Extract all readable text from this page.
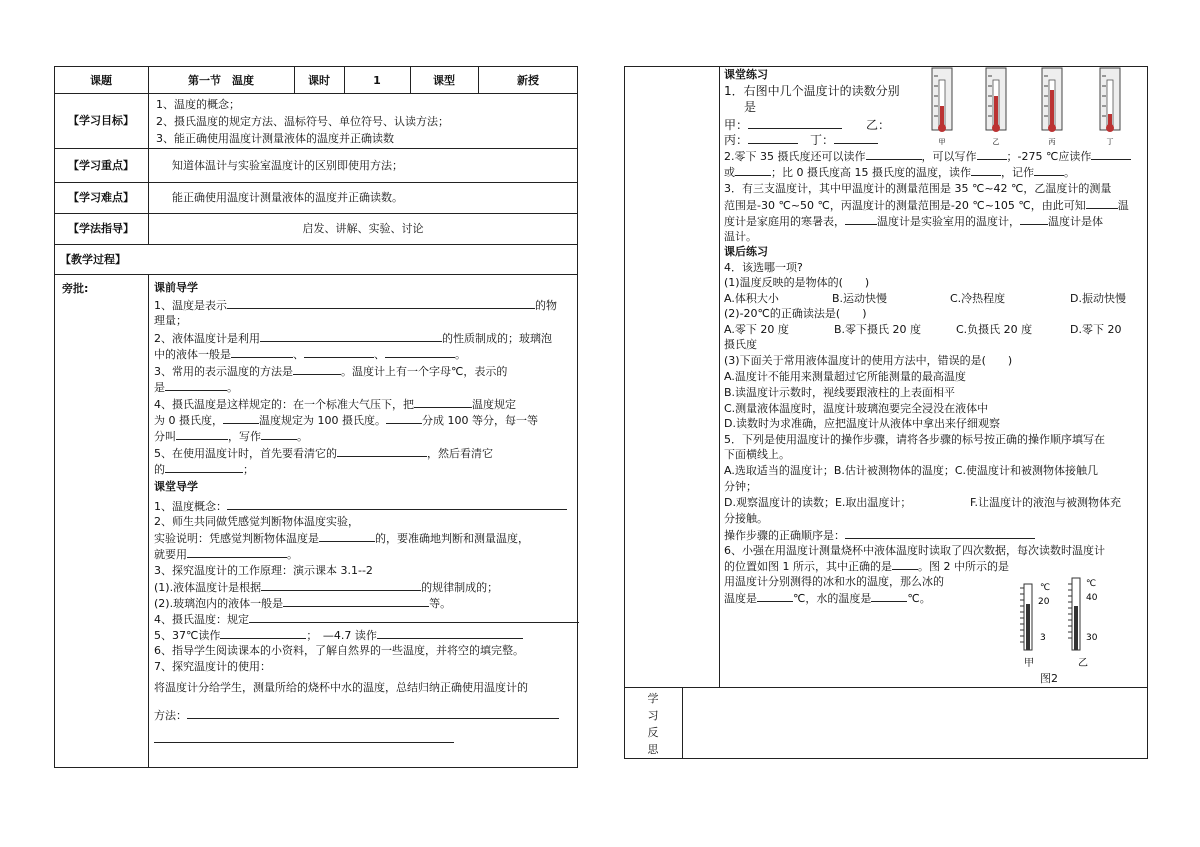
课题	第一节　温度	课时	1	课型	新授
【学习目标】
1、温度的概念；
2、摄氏温度的规定方法、温标符号、单位符号、认读方法；
3、能正确使用温度计测量液体的温度并正确读数
【学习重点】	知道体温计与实验室温度计的区别即使用方法；
【学习难点】	能正确使用温度计测量液体的温度并正确读数。
【学法指导】	启发、讲解、实验、讨论
【教学过程】
旁批:	课前导学
1、温度是表示	的物
理量；
2、液体温度计是利用	的性质制成的；玻璃泡
中的液体一般是	、	、	。
3、常用的表示温度的方法是	。温度计上有一个字母℃，表示的
是	。
4、摄氏温度是这样规定的：在一个标准大气压下，把	温度规定
为 0 摄氏度，	温度规定为 100 摄氏度。	分成 100 等分，每一等
分叫	，写作	。
5、在使用温度计时，首先要看清它的	，然后看清它
的	；
课堂导学
1、温度概念：
2、师生共同做凭感觉判断物体温度实验，
实验说明：凭感觉判断物体温度是	的，要准确地判断和测量温度，
就要用	。
3、探究温度计的工作原理：演示课本 3.1--2
(1).液体温度计是根据	的规律制成的；
(2).玻璃泡内的液体一般是	等。
4、摄氏温度：规定
5、37℃读作	；　—4.7 读作
6、指导学生阅读课本的小资料，了解自然界的一些温度，并将空的填完整。
7、探究温度计的使用：
将温度计分给学生，测量所给的烧杯中水的温度，总结归纳正确使用温度计的
方法：
学
习
反
思
课堂练习
1．右图中几个温度计的读数分别
是
甲：　　	乙：
丙：　	丁：	甲	乙	丙	丁
2.零下 35 摄氏度还可以读作	，可以写作	；-275 ℃应读作
或	；比 0 摄氏度高 15 摄氏度的温度，读作	，记作	。
3．有三支温度计，其中甲温度计的测量范围是 35 ℃~42 ℃，乙温度计的测量
范围是-30 ℃~50 ℃，丙温度计的测量范围是-20 ℃~105 ℃，由此可知	温
度计是家庭用的寒暑表，	温度计是实验室用的温度计，	温度计是体
温计。
课后练习
4．该选哪一项?
(1)温度反映的是物体的(　　)
A.体积大小	B.运动快慢	C.冷热程度	D.振动快慢
(2)-20℃的正确读法是(　　)
A.零下 20 度	B.零下摄氏 20 度	C.负摄氏 20 度	D.零下 20
摄氏度
(3)下面关于常用液体温度计的使用方法中，错误的是(　　)
A.温度计不能用来测量超过它所能测量的最高温度
B.读温度计示数时，视线要跟液柱的上表面相平
C.测量液体温度时，温度计玻璃泡要完全浸没在液体中
D.读数时为求准确，应把温度计从液体中拿出来仔细观察
5．下列是使用温度计的操作步骤，请将各步骤的标号按正确的操作顺序填写在
下面横线上。
A.选取适当的温度计；B.估计被测物体的温度；C.使温度计和被测物体接触几
分钟；
D.观察温度计的读数；E.取出温度计；	F.让温度计的液泡与被测物体充
分接触。
操作步骤的正确顺序是：
6、小强在用温度计测量烧杯中液体温度时读取了四次数据，每次读数时温度计
的位置如图 1 所示，其中正确的是 。图 2 中所示的是
用温度计分别测得的冰和水的温度，那么冰的
温度是	℃，水的温度是	℃。
℃
20
3
℃
40
30
甲	乙
图2
